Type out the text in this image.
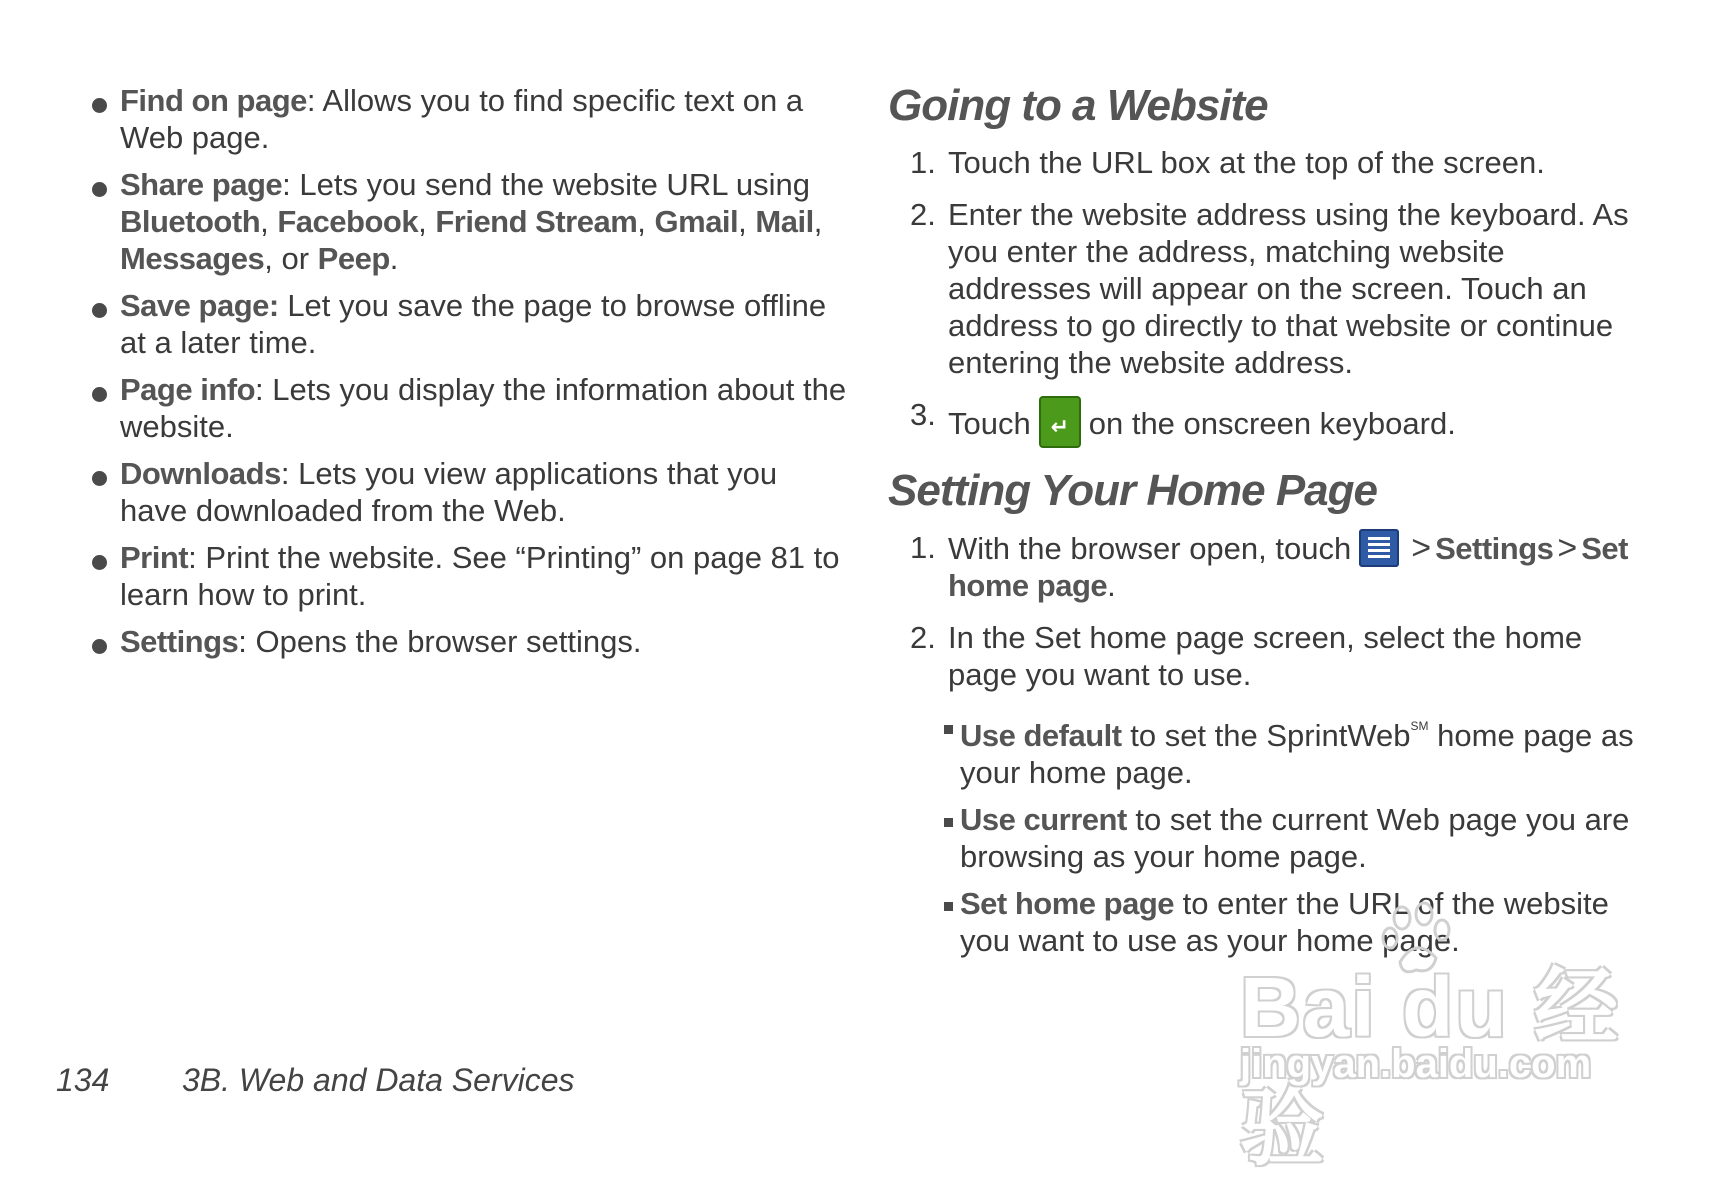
Find on page: Allows you to find specific text on a Web page.
Share page: Lets you send the website URL using Bluetooth, Facebook, Friend Stream, Gmail, Mail, Messages, or Peep.
Save page: Let you save the page to browse offline at a later time.
Page info: Lets you display the information about the website.
Downloads: Lets you view applications that you have downloaded from the Web.
Print: Print the website. See “Printing” on page 81 to learn how to print.
Settings: Opens the browser settings.
Going to a Website
1. Touch the URL box at the top of the screen.
2. Enter the website address using the keyboard. As you enter the address, matching website addresses will appear on the screen. Touch an address to go directly to that website or continue entering the website address.
3. Touch ↵ on the onscreen keyboard.
Setting Your Home Page
1. With the browser open, touch > Settings > Set home page.
2. In the Set home page screen, select the home page you want to use.
Use default to set the SprintWeb℠ home page as your home page.
Use current to set the current Web page you are browsing as your home page.
Set home page to enter the URL of the website you want to use as your home page.
134 3B. Web and Data Services
Bai du 经验
jingyan.baidu.com
